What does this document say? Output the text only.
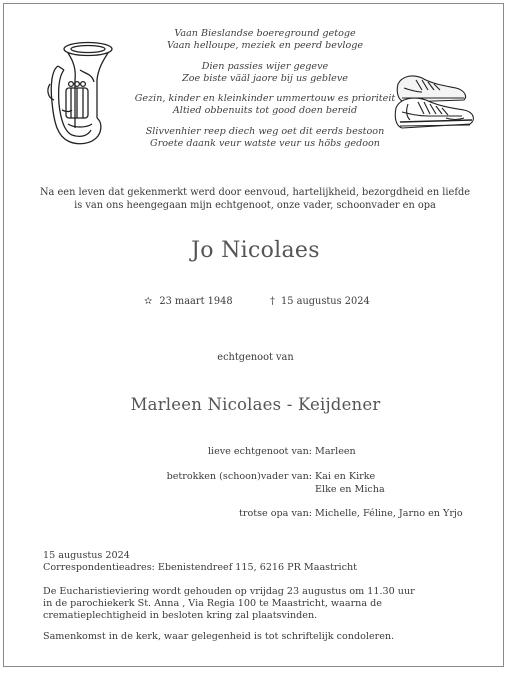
Vaan Bieslandse boereground getoge
Vaan helloupe, meziek en peerd bevloge
Dien passies wijer gegeve
Zoe biste vääl jaore bij us gebleve
Gezin, kinder en kleinkinder ummertouw es prioriteit
Altied obbenuits tot good doen bereid
Slivvenhier reep diech weg oet dit eerds bestoon
Groete daank veur watste veur us höbs gedoon
Na een leven dat gekenmerkt werd door eenvoud, hartelijkheid, bezorgdheid en liefde
is van ons heengegaan mijn echtgenoot, onze vader, schoonvader en opa
Jo Nicolaes
✫ 23 maart 1948	† 15 augustus 2024
echtgenoot van
Marleen Nicolaes - Keijdener
lieve echtgenoot van: Marleen
betrokken (schoon)vader van: Kai en Kirke
Elke en Micha
trotse opa van: Michelle, Féline, Jarno en Yrjo
15 augustus 2024
Correspondentieadres: Ebenistendreef 115, 6216 PR Maastricht
De Eucharistieviering wordt gehouden op vrijdag 23 augustus om 11.30 uur
in de parochiekerk St. Anna , Via Regia 100 te Maastricht, waarna de
crematieplechtigheid in besloten kring zal plaatsvinden.
Samenkomst in de kerk, waar gelegenheid is tot schriftelijk condoleren.
